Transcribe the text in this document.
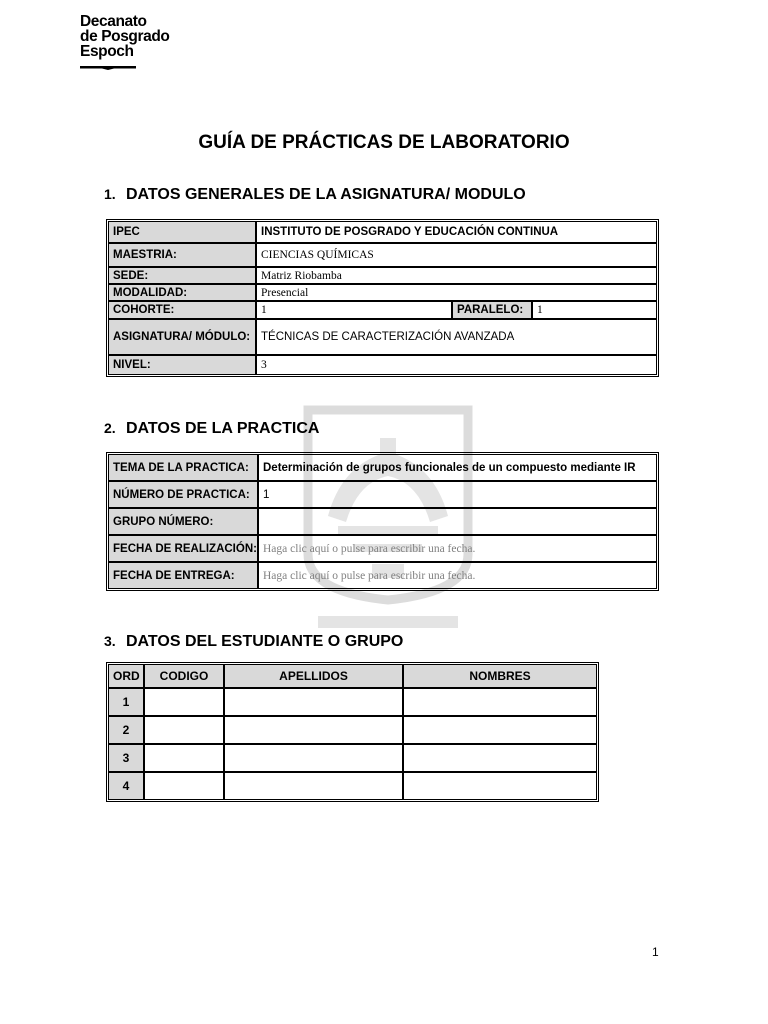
Decanato
de Posgrado
Espoch
GUÍA DE PRÁCTICAS DE LABORATORIO
1. DATOS GENERALES DE LA ASIGNATURA/ MODULO
IPEC	INSTITUTO DE POSGRADO Y EDUCACIÓN CONTINUA		
MAESTRIA:	CIENCIAS QUÍMICAS		
SEDE:	Matriz Riobamba		
MODALIDAD:	Presencial		
COHORTE:	1	PARALELO:	1
ASIGNATURA/ MÓDULO:	TÉCNICAS DE CARACTERIZACIÓN AVANZADA		
NIVEL:	3		
2. DATOS DE LA PRACTICA
TEMA DE LA PRACTICA:	Determinación de grupos funcionales de un compuesto mediante IR
NÚMERO DE PRACTICA:	1
GRUPO NÚMERO:	
FECHA DE REALIZACIÓN:	Haga clic aquí o pulse para escribir una fecha.
FECHA DE ENTREGA:	Haga clic aquí o pulse para escribir una fecha.
3. DATOS DEL ESTUDIANTE O GRUPO
ORD	CODIGO	APELLIDOS	NOMBRES
1			
2			
3			
4			
1
